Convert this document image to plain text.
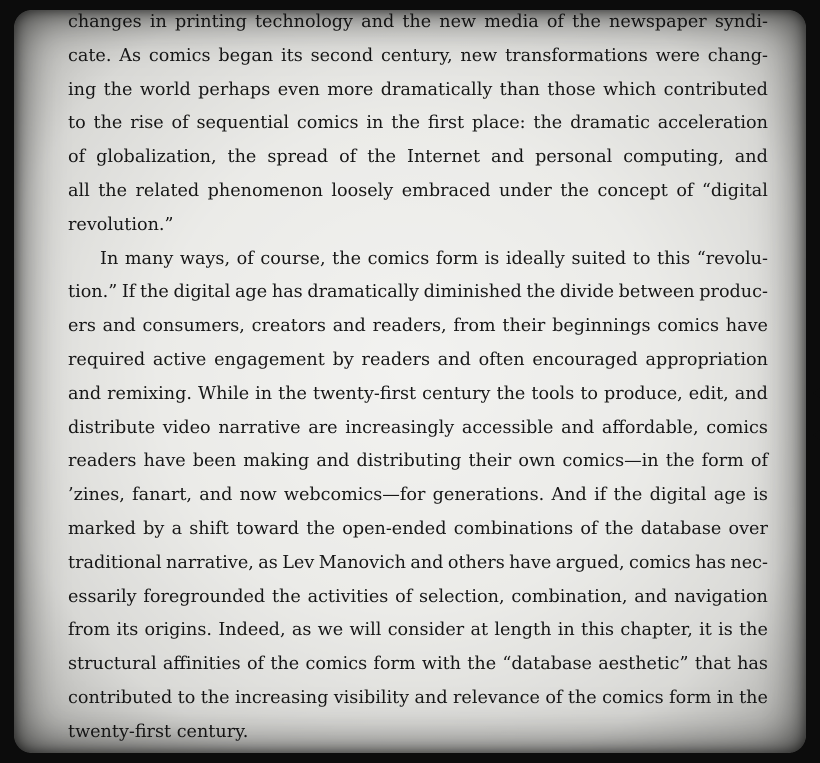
changes in printing technology and the new media of the newspaper syndi-
cate. As comics began its second century, new transformations were chang-
ing the world perhaps even more dramatically than those which contributed
to the rise of sequential comics in the first place: the dramatic acceleration
of globalization, the spread of the Internet and personal computing, and
all the related phenomenon loosely embraced under the concept of “digital
revolution.”
In many ways, of course, the comics form is ideally suited to this “revolu-
tion.” If the digital age has dramatically diminished the divide between produc-
ers and consumers, creators and readers, from their beginnings comics have
required active engagement by readers and often encouraged appropriation
and remixing. While in the twenty-first century the tools to produce, edit, and
distribute video narrative are increasingly accessible and affordable, comics
readers have been making and distributing their own comics—in the form of
’zines, fanart, and now webcomics—for generations. And if the digital age is
marked by a shift toward the open-ended combinations of the database over
traditional narrative, as Lev Manovich and others have argued, comics has nec-
essarily foregrounded the activities of selection, combination, and navigation
from its origins. Indeed, as we will consider at length in this chapter, it is the
structural affinities of the comics form with the “database aesthetic” that has
contributed to the increasing visibility and relevance of the comics form in the
twenty-first century.
